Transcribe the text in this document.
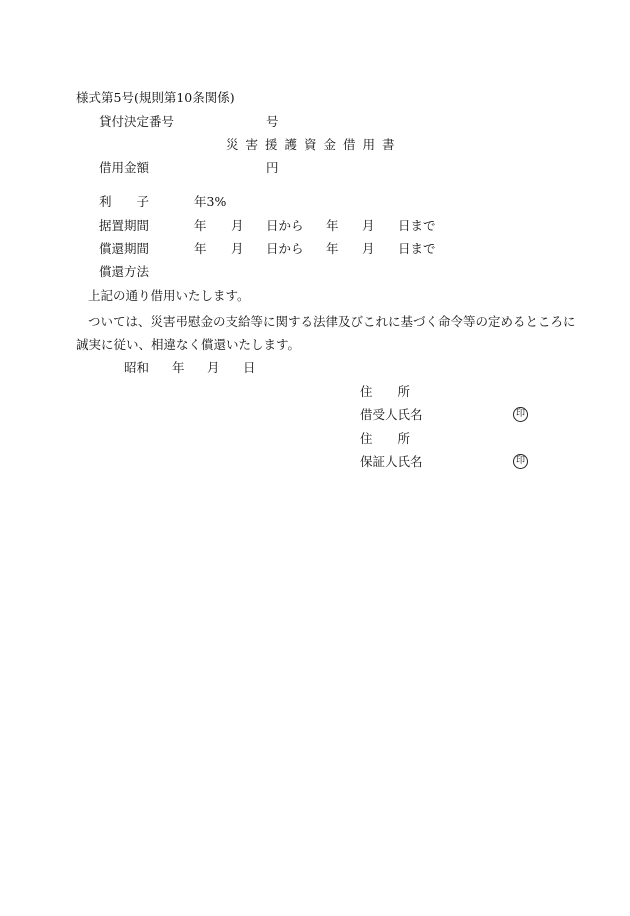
様式第5号(規則第10条関係)
貸付決定番号	号
災害援護資金借用書
借用金額	円
利　　子	年3%
据置期間	年 月 日から 年 月 日まで
償還期間	年 月 日から 年 月 日まで
償還方法
上記の通り借用いたします。
ついては、災害弔慰金の支給等に関する法律及びこれに基づく命令等の定めるところに
誠実に従い、相違なく償還いたします。
昭和 年 月 日
住　　所
借受人氏名	印
住　　所
保証人氏名	印
